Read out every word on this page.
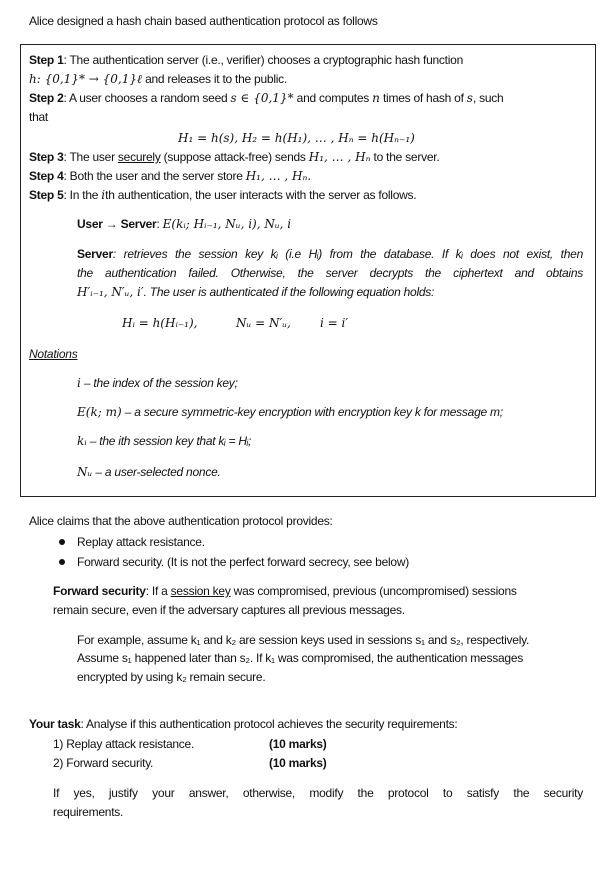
Alice designed a hash chain based authentication protocol as follows
Step 1: The authentication server (i.e., verifier) chooses a cryptographic hash function
h: {0,1}* → {0,1}ℓ and releases it to the public.
Step 2: A user chooses a random seed s ∈ {0,1}* and computes n times of hash of s, such
that
H₁ = h(s), H₂ = h(H₁), … , Hₙ = h(Hₙ₋₁)
Step 3: The user securely (suppose attack-free) sends H₁, … , Hₙ to the server.
Step 4: Both the user and the server store H₁, … , Hₙ.
Step 5: In the ith authentication, the user interacts with the server as follows.
User → Server: E(kᵢ; Hᵢ₋₁, Nᵤ, i), Nᵤ, i
Server: retrieves the session key kᵢ (i.e Hᵢ) from the database. If kᵢ does not exist, then
the authentication failed. Otherwise, the server decrypts the ciphertext and obtains
H′ᵢ₋₁, N′ᵤ, i′. The user is authenticated if the following equation holds:
Hᵢ = h(Hᵢ₋₁),	Nᵤ = N′ᵤ, i = i′
Notations
i – the index of the session key;
E(k; m) – a secure symmetric-key encryption with encryption key k for message m;
kᵢ – the ith session key that kᵢ = Hᵢ;
Nᵤ – a user-selected nonce.
Alice claims that the above authentication protocol provides:
Replay attack resistance.
Forward security. (It is not the perfect forward secrecy, see below)
Forward security: If a session key was compromised, previous (uncompromised) sessions
remain secure, even if the adversary captures all previous messages.
For example, assume k₁ and k₂ are session keys used in sessions s₁ and s₂, respectively.
Assume s₁ happened later than s₂. If k₁ was compromised, the authentication messages
encrypted by using k₂ remain secure.
Your task: Analyse if this authentication protocol achieves the security requirements:
1) Replay attack resistance.	(10 marks)
2) Forward security.	(10 marks)
If yes, justify your answer, otherwise, modify the protocol to satisfy the security
requirements.
